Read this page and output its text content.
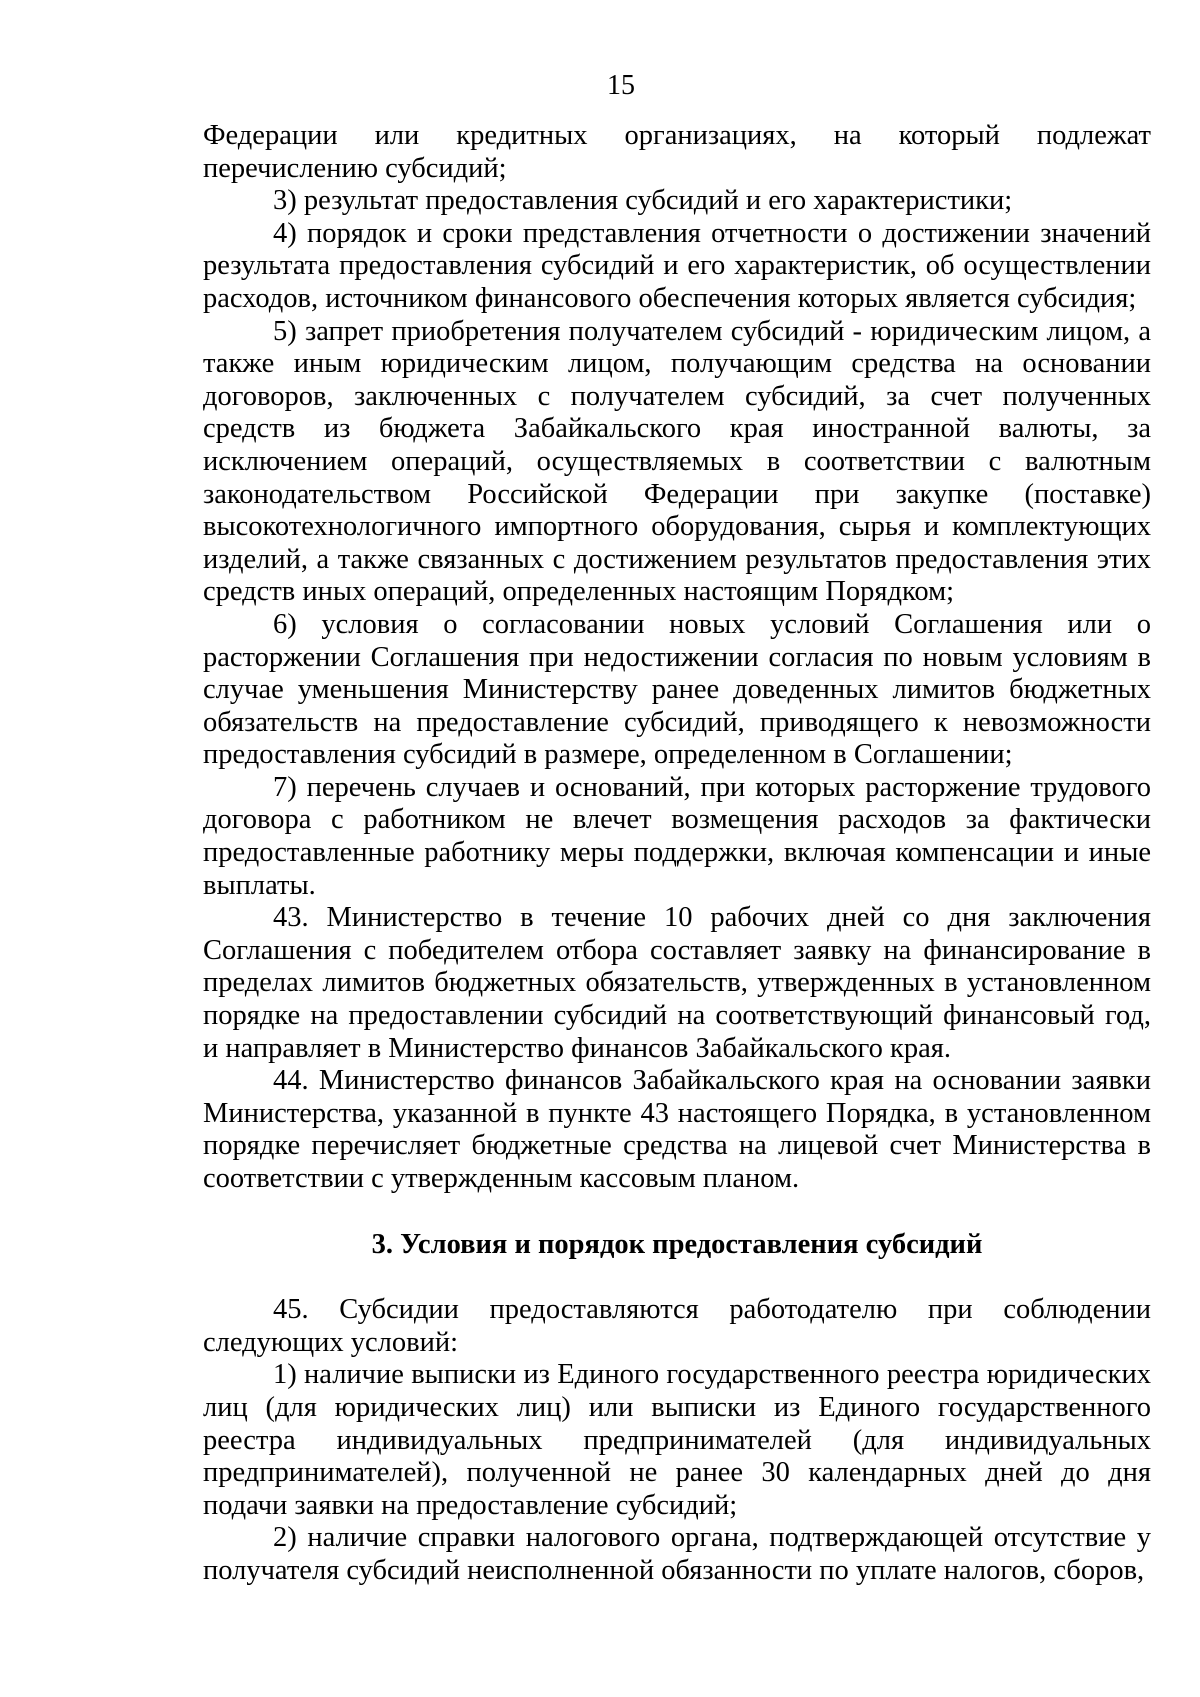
15

Федерации или кредитных организациях, на который подлежат перечислению субсидий;

3) результат предоставления субсидий и его характеристики;

4) порядок и сроки представления отчетности о достижении значений результата предоставления субсидий и его характеристик, об осуществлении расходов, источником финансового обеспечения которых является субсидия;

5) запрет приобретения получателем субсидий - юридическим лицом, а также иным юридическим лицом, получающим средства на основании договоров, заключенных с получателем субсидий, за счет полученных средств из бюджета Забайкальского края иностранной валюты, за исключением операций, осуществляемых в соответствии с валютным законодательством Российской Федерации при закупке (поставке) высокотехнологичного импортного оборудования, сырья и комплектующих изделий, а также связанных с достижением результатов предоставления этих средств иных операций, определенных настоящим Порядком;

6) условия о согласовании новых условий Соглашения или о расторжении Соглашения при недостижении согласия по новым условиям в случае уменьшения Министерству ранее доведенных лимитов бюджетных обязательств на предоставление субсидий, приводящего к невозможности предоставления субсидий в размере, определенном в Соглашении;

7) перечень случаев и оснований, при которых расторжение трудового договора с работником не влечет возмещения расходов за фактически предоставленные работнику меры поддержки, включая компенсации и иные выплаты.

43. Министерство в течение 10 рабочих дней со дня заключения Соглашения с победителем отбора составляет заявку на финансирование в пределах лимитов бюджетных обязательств, утвержденных в установленном порядке на предоставлении субсидий на соответствующий финансовый год, и направляет в Министерство финансов Забайкальского края.

44. Министерство финансов Забайкальского края на основании заявки Министерства, указанной в пункте 43 настоящего Порядка, в установленном порядке перечисляет бюджетные средства на лицевой счет Министерства в соответствии с утвержденным кассовым планом.

3. Условия и порядок предоставления субсидий

45. Субсидии предоставляются работодателю при соблюдении следующих условий:

1) наличие выписки из Единого государственного реестра юридических лиц (для юридических лиц) или выписки из Единого государственного реестра индивидуальных предпринимателей (для индивидуальных предпринимателей), полученной не ранее 30 календарных дней до дня подачи заявки на предоставление субсидий;

2) наличие справки налогового органа, подтверждающей отсутствие у получателя субсидий неисполненной обязанности по уплате налогов, сборов,
